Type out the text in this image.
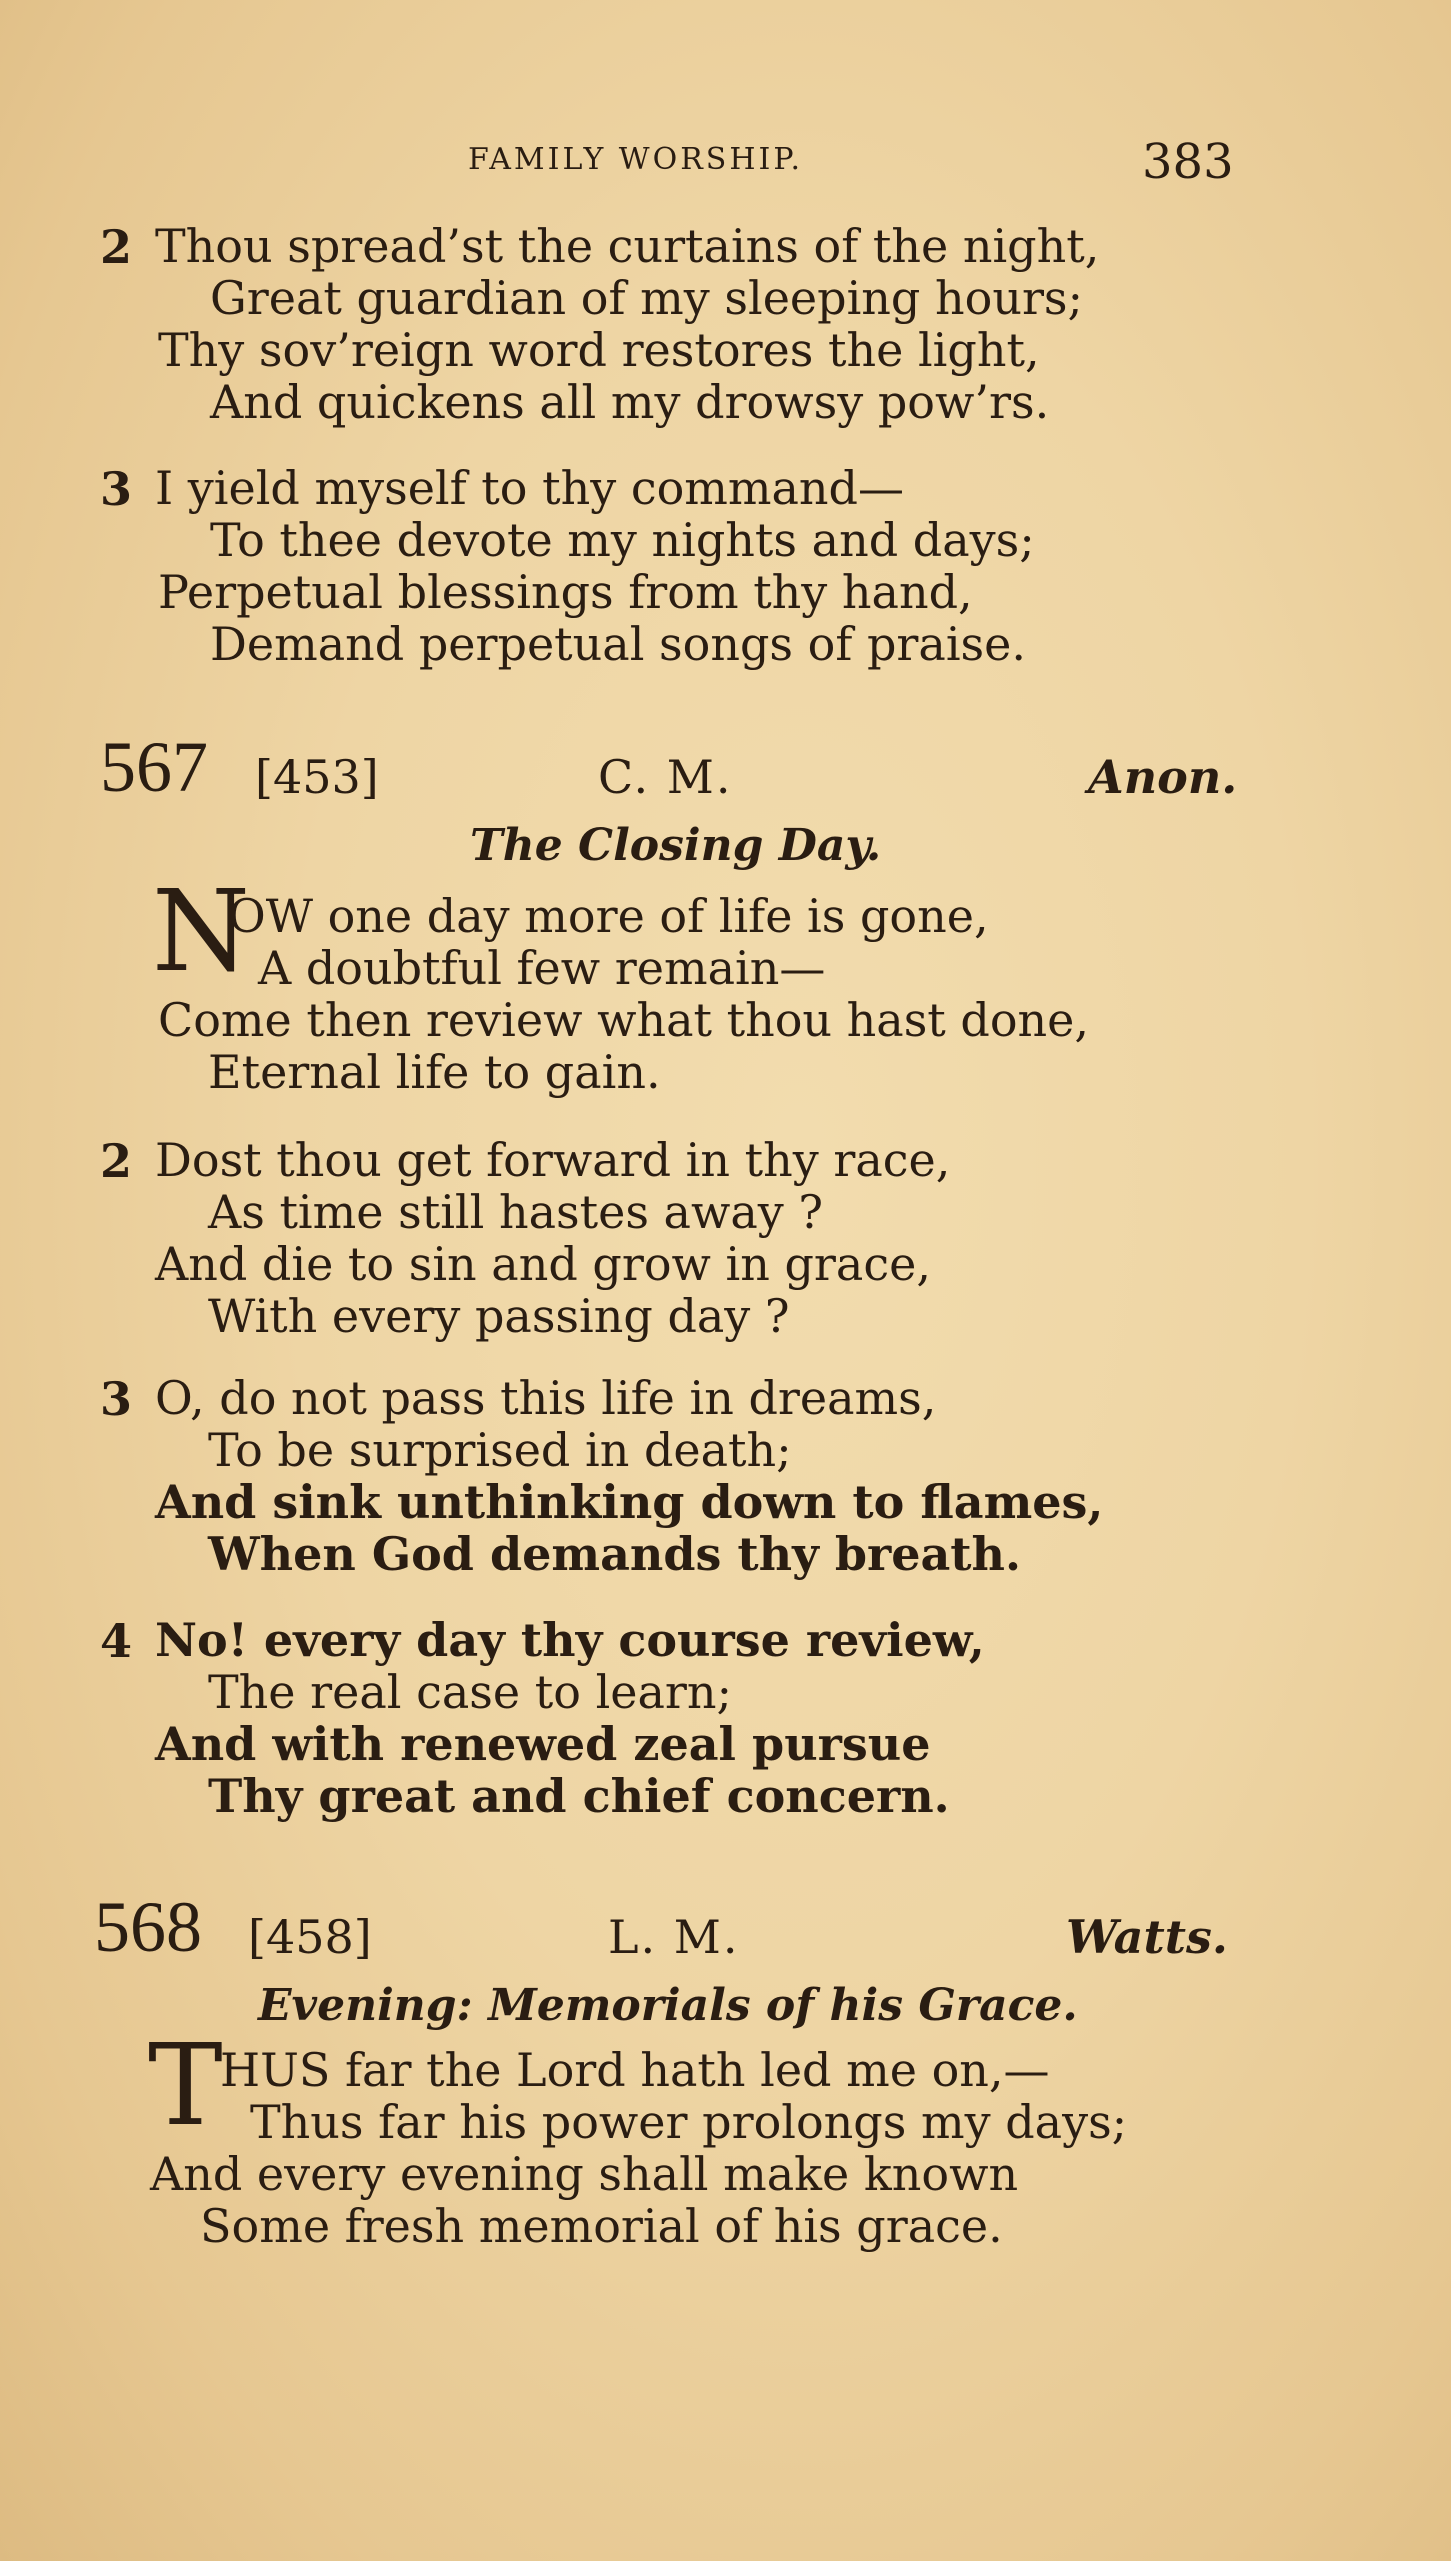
FAMILY WORSHIP.	383
2 Thou spread’st the curtains of the night,
Great guardian of my sleeping hours;
Thy sov’reign word restores the light,
And quickens all my drowsy pow’rs.
3 I yield myself to thy command—
To thee devote my nights and days;
Perpetual blessings from thy hand,
Demand perpetual songs of praise.
567 [453]	C. M.	Anon.
The Closing Day.
N
OW one day more of life is gone,
A doubtful few remain—
Come then review what thou hast done,
Eternal life to gain.
2 Dost thou get forward in thy race,
As time still hastes away ?
And die to sin and grow in grace,
With every passing day ?
3 O, do not pass this life in dreams,
To be surprised in death;
And sink unthinking down to flames,
When God demands thy breath.
4 No! every day thy course review,
The real case to learn;
And with renewed zeal pursue
Thy great and chief concern.
568 [458]	L. M.	Watts.
Evening: Memorials of his Grace.
T
HUS far the Lord hath led me on,—
Thus far his power prolongs my days;
And every evening shall make known
Some fresh memorial of his grace.
